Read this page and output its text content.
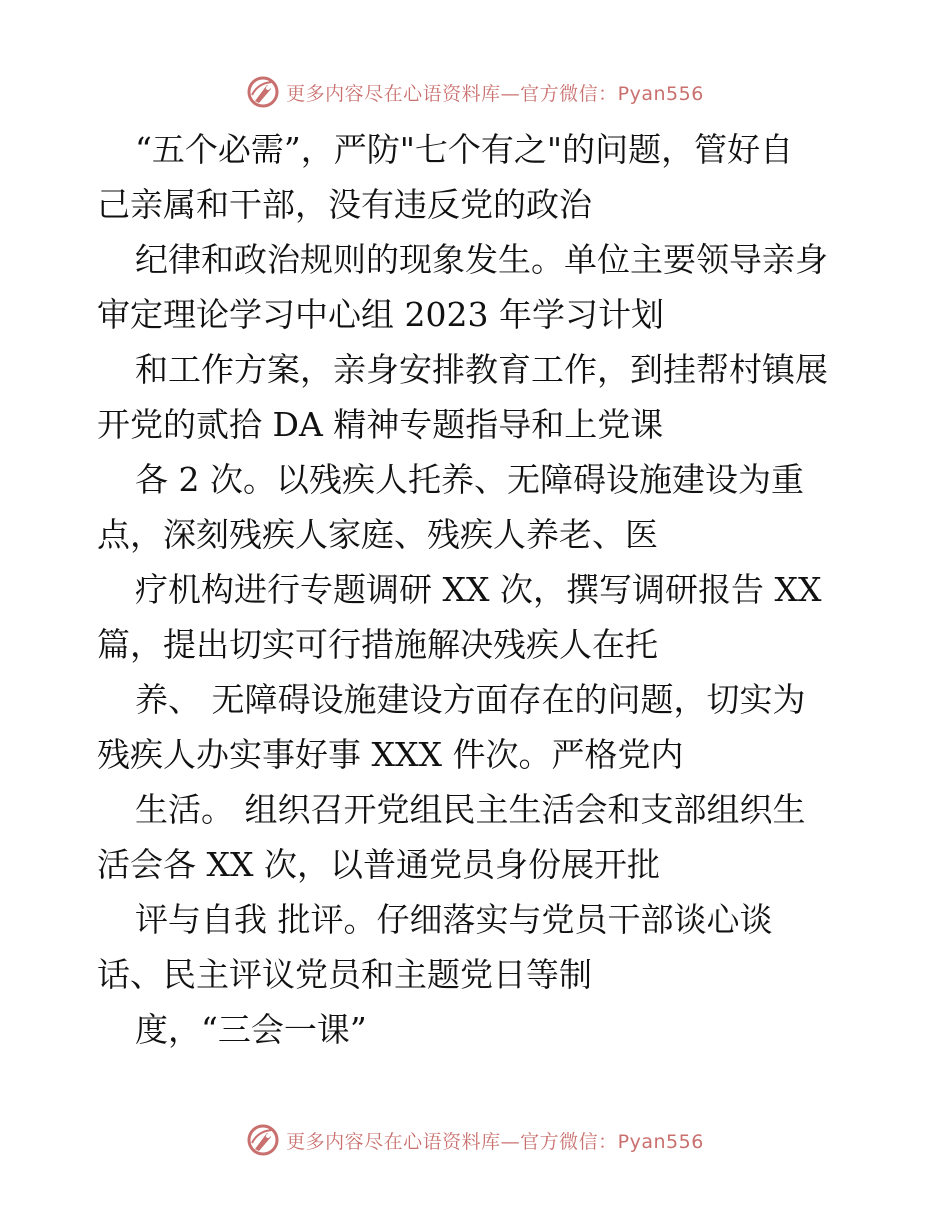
更多内容尽在心语资料库—官方微信：Pyan556
“五个必需”，严防"七个有之"的问题，管好自
己亲属和干部，没有违反党的政治
纪律和政治规则的现象发生。单位主要领导亲身
审定理论学习中心组 2023 年学习计划
和工作方案，亲身安排教育工作，到挂帮村镇展
开党的贰拾 DA 精神专题指导和上党课
各 2 次。以残疾人托养、无障碍设施建设为重
点，深刻残疾人家庭、残疾人养老、医
疗机构进行专题调研 XX 次，撰写调研报告 XX
篇，提出切实可行措施解决残疾人在托
养、 无障碍设施建设方面存在的问题，切实为
残疾人办实事好事 XXX 件次。严格党内
生活。 组织召开党组民主生活会和支部组织生
活会各 XX 次，以普通党员身份展开批
评与自我 批评。仔细落实与党员干部谈心谈
话、民主评议党员和主题党日等制
度，“三会一课”
更多内容尽在心语资料库—官方微信：Pyan556
